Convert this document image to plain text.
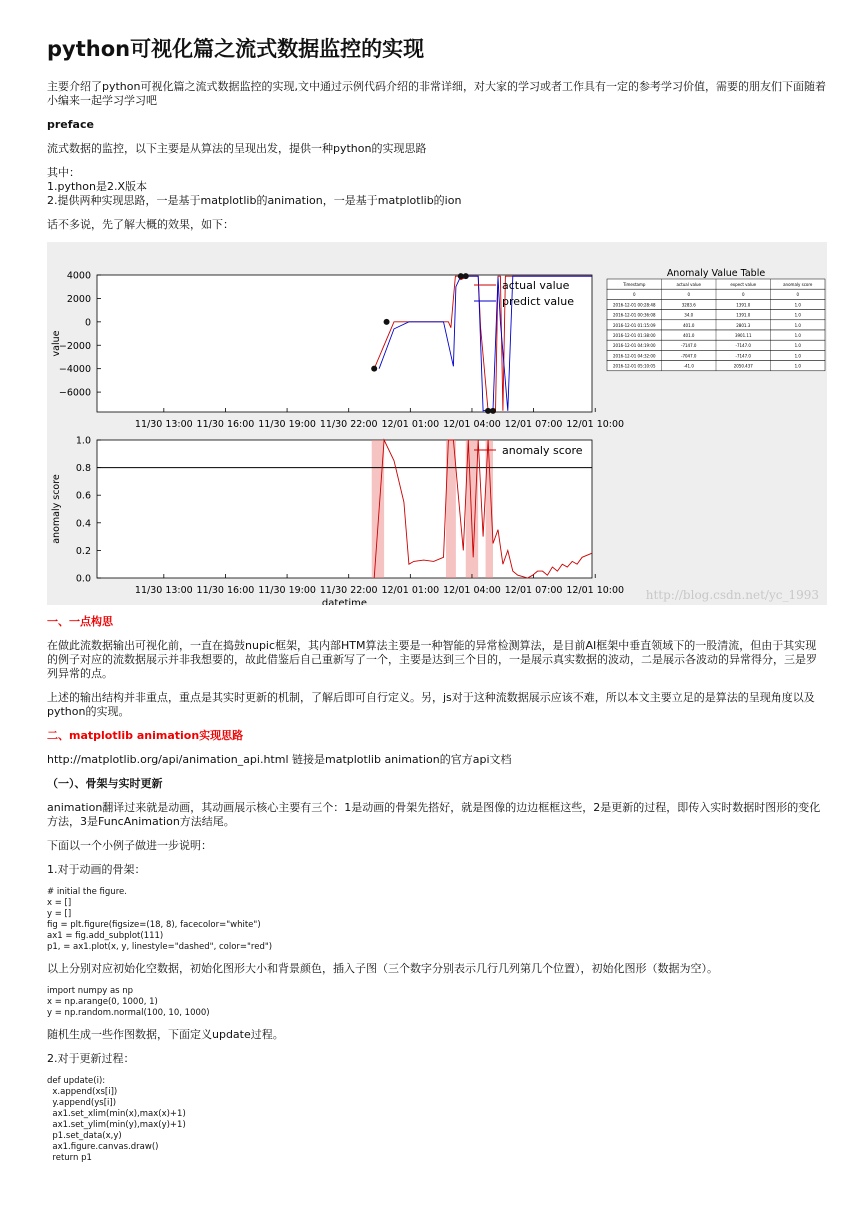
python可视化篇之流式数据监控的实现

主要介绍了python可视化篇之流式数据监控的实现,文中通过示例代码介绍的非常详细，对大家的学习或者工作具有一定的参考学习价值，需要的朋友们下面随着小编来一起学习学习吧

preface

流式数据的监控，以下主要是从算法的呈现出发，提供一种python的实现思路

其中：

1.python是2.X版本

2.提供两种实现思路，一是基于matplotlib的animation，一是基于matplotlib的ion

话不多说，先了解大概的效果，如下：

4000
2000
0
−2000
−4000
−6000
11/30 13:00 11/30 16:00 11/30 19:00 11/30 22:00 12/01 01:00 12/01 04:00 12/01 07:00 12/01 10:00
value
actual value
predict value
1.0
0.8
0.6
0.4
0.2
0.0
11/30 13:00 11/30 16:00 11/30 19:00 11/30 22:00 12/01 01:00 12/01 04:00 12/01 07:00 12/01 10:00
anomaly score
datetime
anomaly score
Anomaly Value Table
Timestamp	actual value	expect value	anomaly score
0	0	0	0
2016-12-01 00:28:48	3283.6	1391.0	1.0
2016-12-01 00:36:08	34.0	1391.0	1.0
2016-12-01 01:15:09	401.0	2801.3	1.0
2016-12-01 01:38:00	401.0	3901.11	1.0
2016-12-01 04:19:00	-7147.0	-7147.0	1.0
2016-12-01 04:32:00	-7047.0	-7147.0	1.0
2016-12-01 05:10:05	-41.0	2050.437	1.0
http://blog.csdn.net/yc_1993

一、一点构思

在做此流数据输出可视化前，一直在捣鼓nupic框架，其内部HTM算法主要是一种智能的异常检测算法，是目前AI框架中垂直领域下的一股清流，但由于其实现的例子对应的流数据展示并非我想要的，故此借鉴后自己重新写了一个，主要是达到三个目的，一是展示真实数据的波动，二是展示各波动的异常得分，三是罗列异常的点。

上述的输出结构并非重点，重点是其实时更新的机制，了解后即可自行定义。另，js对于这种流数据展示应该不难，所以本文主要立足的是算法的呈现角度以及python的实现。

二、matplotlib animation实现思路

http://matplotlib.org/api/animation_api.html 链接是matplotlib animation的官方api文档

（一）、骨架与实时更新

animation翻译过来就是动画，其动画展示核心主要有三个：1是动画的骨架先搭好，就是图像的边边框框这些，2是更新的过程，即传入实时数据时图形的变化方法，3是FuncAnimation方法结尾。

下面以一个小例子做进一步说明：

1.对于动画的骨架：

# initial the figure.
x = []
y = []
fig = plt.figure(figsize=(18, 8), facecolor="white")
ax1 = fig.add_subplot(111)
p1, = ax1.plot(x, y, linestyle="dashed", color="red")

以上分别对应初始化空数据，初始化图形大小和背景颜色，插入子图（三个数字分别表示几行几列第几个位置），初始化图形（数据为空）。

import numpy as np
x = np.arange(0, 1000, 1)
y = np.random.normal(100, 10, 1000)

随机生成一些作图数据，下面定义update过程。

2.对于更新过程：

def update(i):
x.append(xs[i])
y.append(ys[i])
ax1.set_xlim(min(x),max(x)+1)
ax1.set_ylim(min(y),max(y)+1)
p1.set_data(x,y)
ax1.figure.canvas.draw()
return p1
